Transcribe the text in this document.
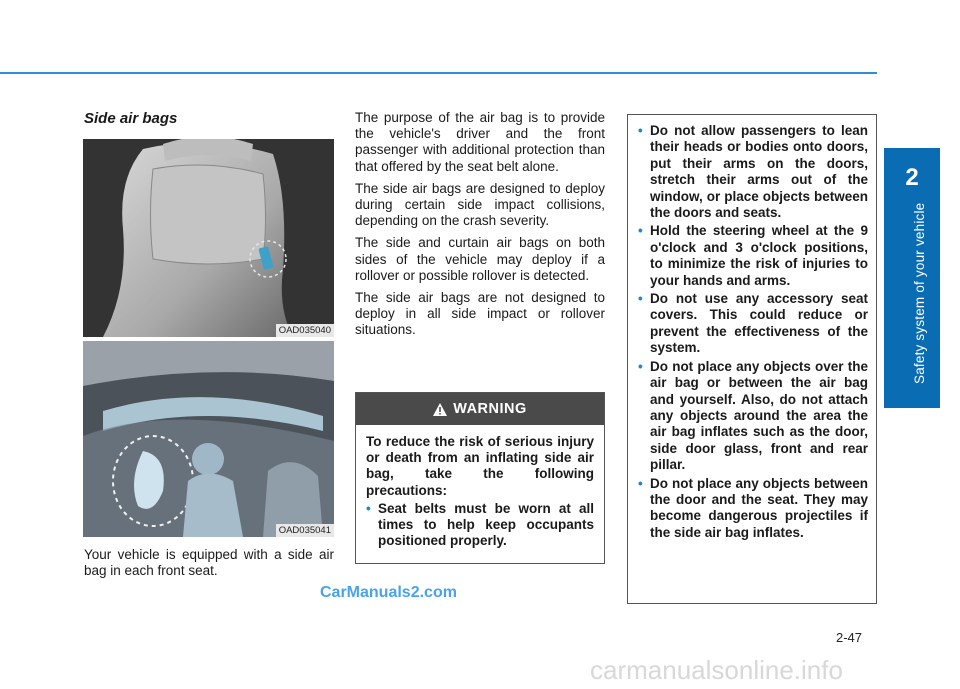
2
Safety system of your vehicle
Side air bags
OAD035040
OAD035041

Your vehicle is equipped with a side air bag in each front seat.

The purpose of the air bag is to provide the vehicle's driver and the front passenger with additional protection than that offered by the seat belt alone.

The side air bags are designed to deploy during certain side impact collisions, depending on the crash severity.

The side and curtain air bags on both sides of the vehicle may deploy if a rollover or possible rollover is detected.

The side air bags are not designed to deploy in all side impact or rollover situations.

WARNING

To reduce the risk of serious injury or death from an inflating side air bag, take the following precautions:

• Seat belts must be worn at all times to help keep occupants positioned properly.
• Do not allow passengers to lean their heads or bodies onto doors, put their arms on the doors, stretch their arms out of the window, or place objects between the doors and seats.
• Hold the steering wheel at the 9 o'clock and 3 o'clock positions, to minimize the risk of injuries to your hands and arms.
• Do not use any accessory seat covers. This could reduce or prevent the effectiveness of the system.
• Do not place any objects over the air bag or between the air bag and yourself. Also, do not attach any objects around the area the air bag inflates such as the door, side door glass, front and rear pillar.
• Do not place any objects between the door and the seat. They may become dangerous projectiles if the side air bag inflates.
CarManuals2.com
2-47
carmanualsonline.info
